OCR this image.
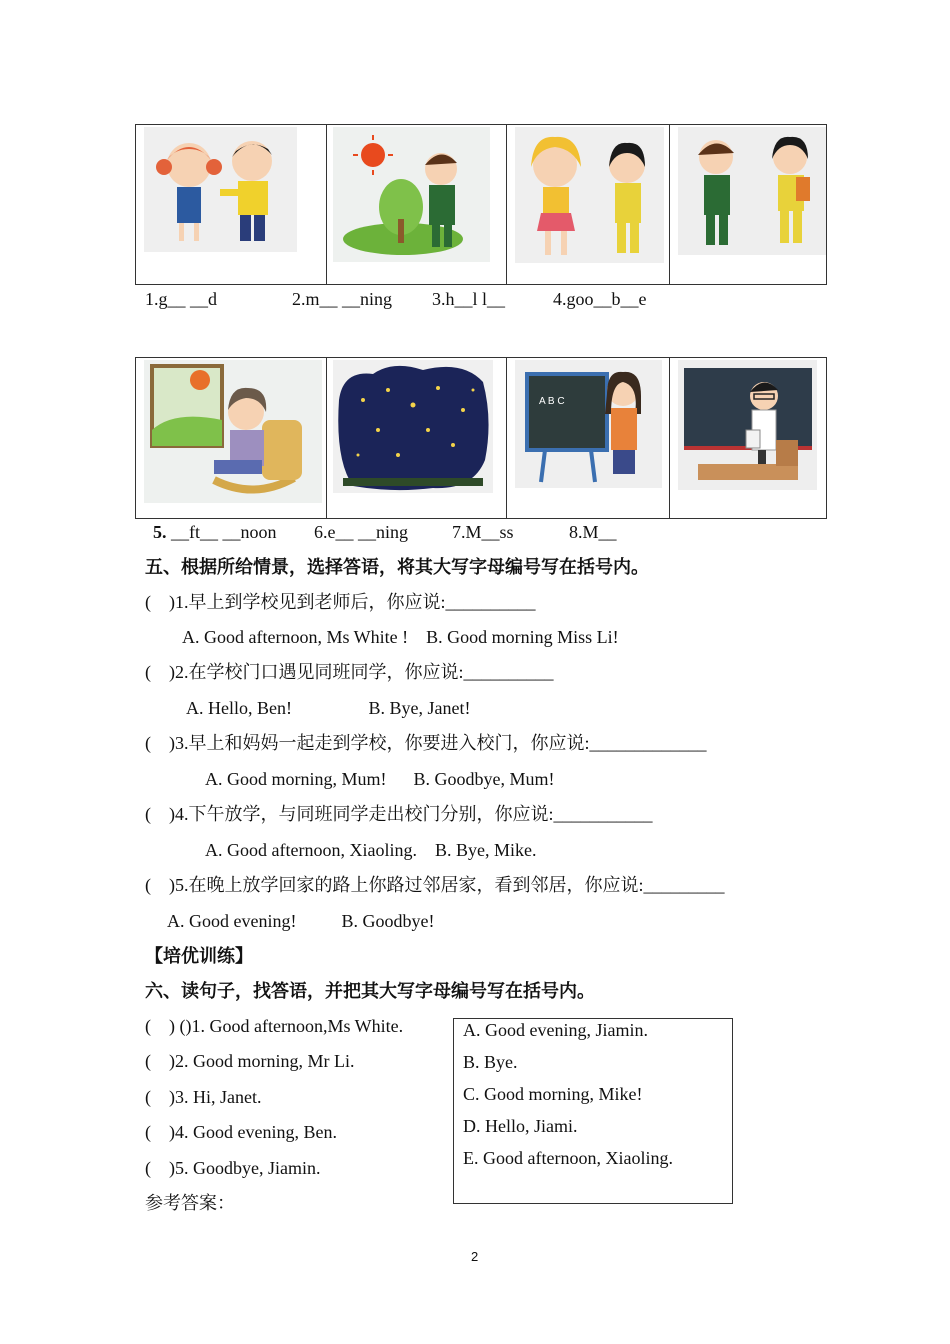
1.g__ __d	2.m__ __ning 3.h__l l__	4.goo__b__e
A B C
5. __ft__ __noon 6.e__ __ning 7.M__ss	8.M__
五、根据所给情景，选择答语，将其大写字母编号写在括号内。
(    )1.早上到学校见到老师后，你应说:__________
A. Good afternoon, Ms White !    B. Good morning Miss Li!
(    )2.在学校门口遇见同班同学，你应说:__________
A. Hello, Ben!                 B. Bye, Janet!
(    )3.早上和妈妈一起走到学校，你要进入校门，你应说:_____________
A. Good morning, Mum!      B. Goodbye, Mum!
(    )4.下午放学，与同班同学走出校门分别，你应说:___________
A. Good afternoon, Xiaoling.    B. Bye, Mike.
(    )5.在晚上放学回家的路上你路过邻居家，看到邻居，你应说:_________
A. Good evening!          B. Goodbye!
【培优训练】
六、读句子，找答语，并把其大写字母编号写在括号内。
(    ) ()1. Good afternoon,Ms White.
(    )2. Good morning, Mr Li.
(    )3. Hi, Janet.
(    )4. Good evening, Ben.
(    )5. Goodbye, Jiamin.
A. Good evening, Jiamin.
B. Bye.
C. Good morning, Mike!
D. Hello, Jiami.
E. Good afternoon, Xiaoling.
参考答案：
2
